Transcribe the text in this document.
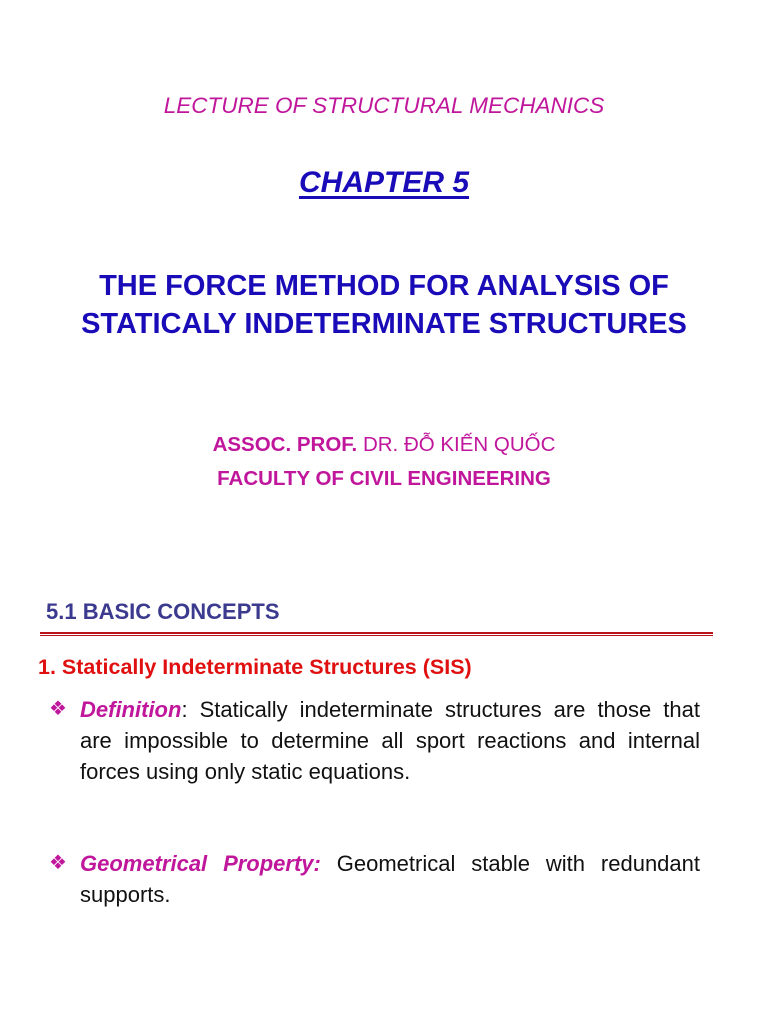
LECTURE OF STRUCTURAL MECHANICS
CHAPTER 5
THE FORCE METHOD FOR ANALYSIS OF
STATICALY INDETERMINATE STRUCTURES
ASSOC. PROF. DR. ĐỖ KIẾN QUỐC
FACULTY OF CIVIL ENGINEERING
5.1 BASIC CONCEPTS
1. Statically Indeterminate Structures (SIS)
❖ Definition: Statically indeterminate structures are those that are impossible to determine all sport reactions and internal forces using only static equations.
❖ Geometrical Property: Geometrical stable with redundant supports.
